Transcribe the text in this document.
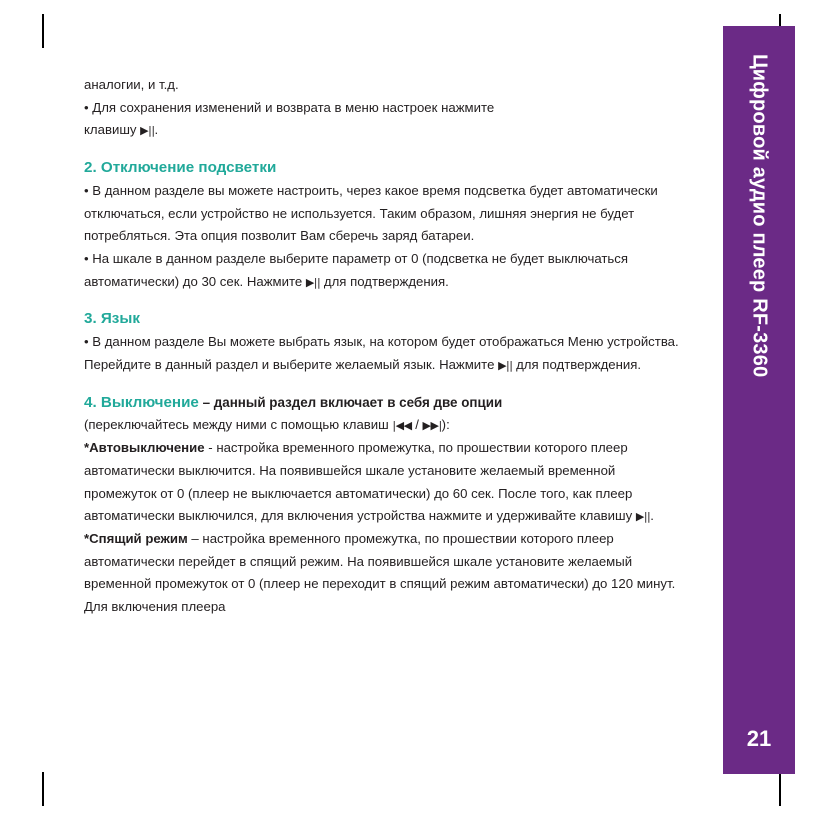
аналогии, и т.д.

• Для сохранения изменений и возврата в меню настроек нажмите
клавишу ▶||.

2. Отключение подсветки

• В данном разделе вы можете настроить, через какое время подсветка будет автоматически отключаться, если устройство не используется. Таким образом, лишняя энергия не будет потребляться. Эта опция позволит Вам сберечь заряд батареи.

• На шкале в данном разделе выберите параметр от 0 (подсветка не будет выключаться автоматически) до 30 сек. Нажмите ▶|| для подтверждения.

3. Язык

• В данном разделе Вы можете выбрать язык, на котором будет отображаться Меню устройства. Перейдите в данный раздел и выберите желаемый язык. Нажмите ▶|| для подтверждения.

4. Выключение – данный раздел включает в себя две опции

(переключайтесь между ними с помощью клавиш |◀◀ / ▶▶|):

*Автовыключение - настройка временного промежутка, по прошествии которого плеер автоматически выключится. На появившейся шкале установите желаемый временной промежуток от 0 (плеер не выключается автоматически) до 60 сек. После того, как плеер автоматически выключился, для включения устройства нажмите и удерживайте клавишу ▶||.

*Спящий режим – настройка временного промежутка, по прошествии которого плеер автоматически перейдет в спящий режим. На появившейся шкале установите желаемый временной промежуток от 0 (плеер не переходит в спящий режим автоматически) до 120 минут. Для включения плеера

Цифровой аудио плеер RF-3360
21
